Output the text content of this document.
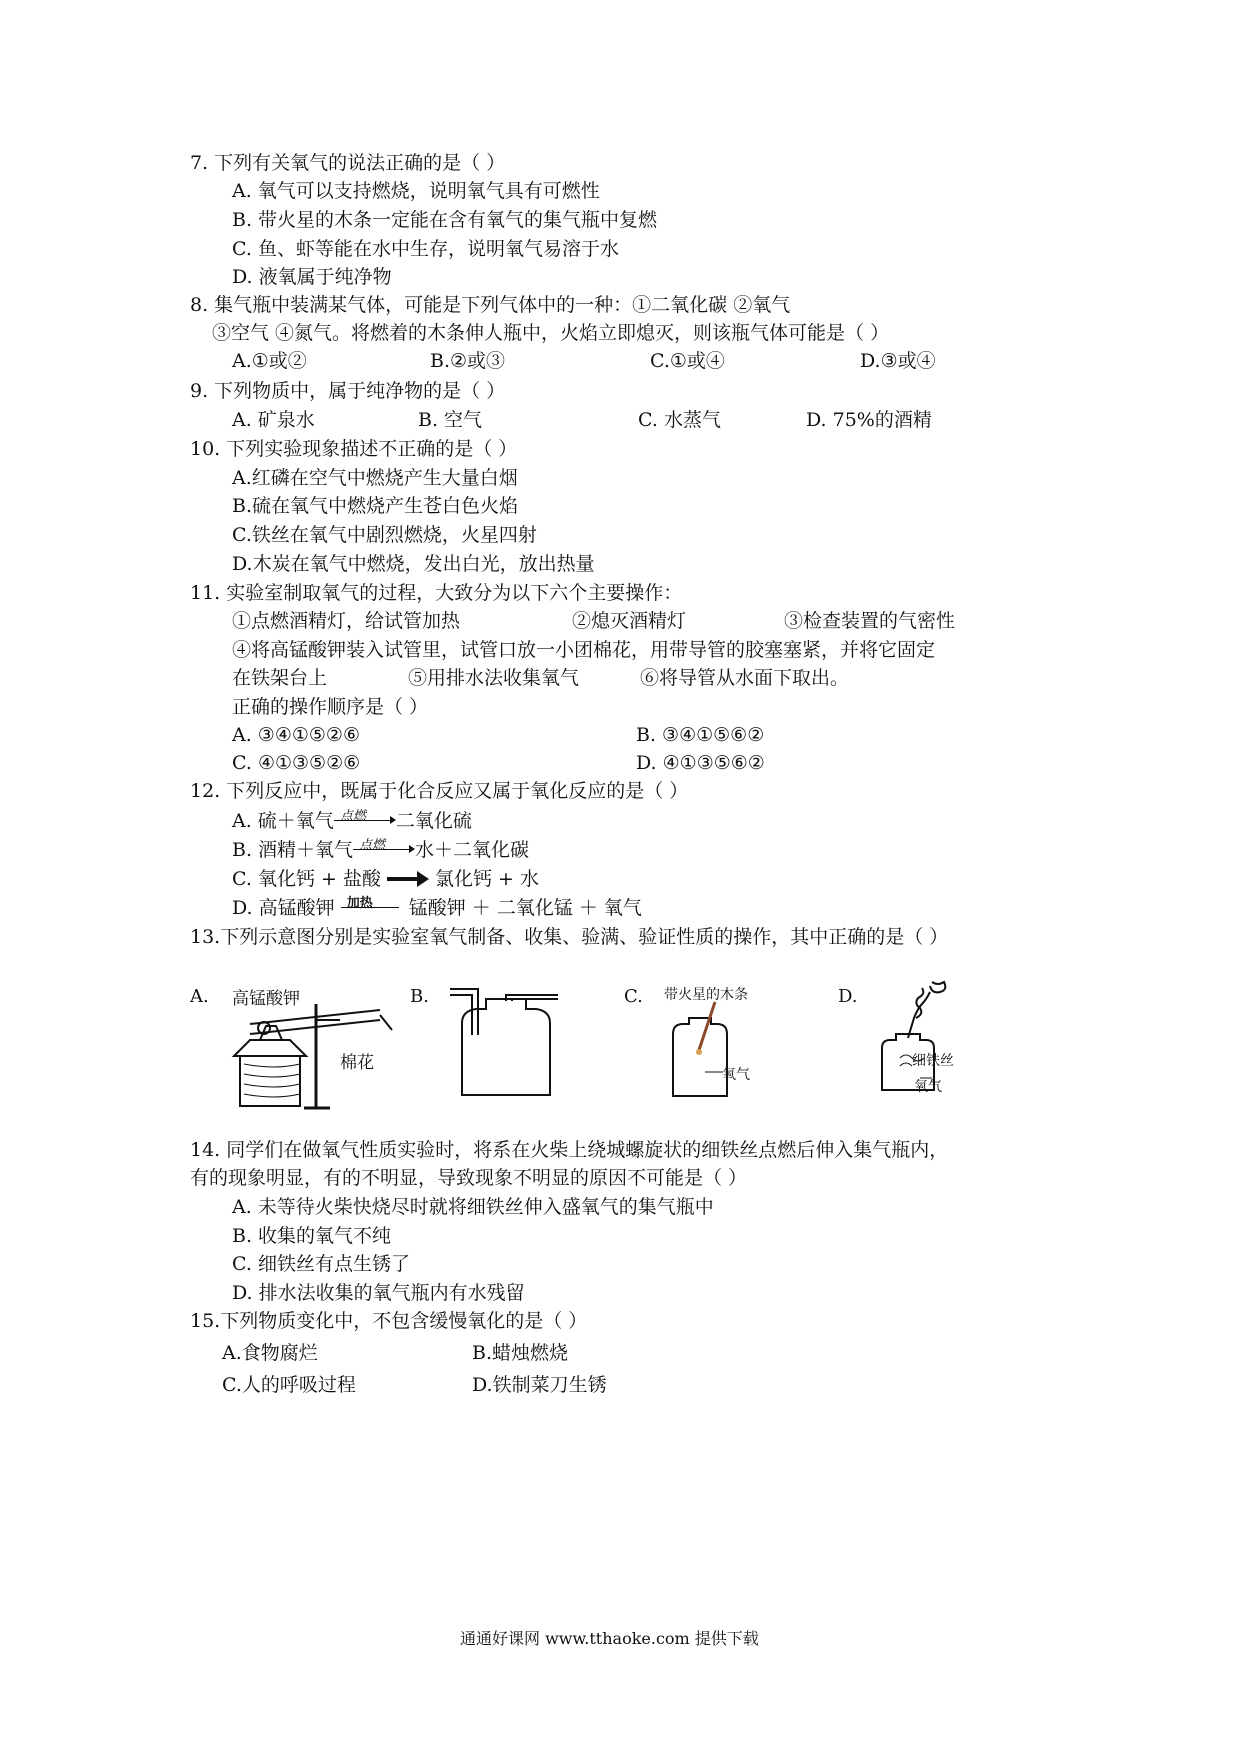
7. 下列有关氧气的说法正确的是（ ）
A. 氧气可以支持燃烧，说明氧气具有可燃性
B. 带火星的木条一定能在含有氧气的集气瓶中复燃
C. 鱼、虾等能在水中生存，说明氧气易溶于水
D. 液氧属于纯净物
8. 集气瓶中装满某气体，可能是下列气体中的一种：①二氧化碳 ②氧气
③空气 ④氮气。将燃着的木条伸人瓶中，火焰立即熄灭，则该瓶气体可能是（ ）
A.①或②	B.②或③	C.①或④	D.③或④
9. 下列物质中，属于纯净物的是（ ）
A. 矿泉水	B. 空气	C. 水蒸气	D. 75%的酒精
10. 下列实验现象描述不正确的是（ ）
A.红磷在空气中燃烧产生大量白烟
B.硫在氧气中燃烧产生苍白色火焰
C.铁丝在氧气中剧烈燃烧，火星四射
D.木炭在氧气中燃烧，发出白光，放出热量
11. 实验室制取氧气的过程，大致分为以下六个主要操作：
①点燃酒精灯，给试管加热	②熄灭酒精灯	③检查装置的气密性
④将高锰酸钾装入试管里，试管口放一小团棉花，用带导管的胶塞塞紧，并将它固定
在铁架台上	⑤用排水法收集氧气	⑥将导管从水面下取出。
正确的操作顺序是（ ）
A. ③④①⑤②⑥	B. ③④①⑤⑥②
C. ④①③⑤②⑥	D. ④①③⑤⑥②
12. 下列反应中，既属于化合反应又属于氧化反应的是（ ）
A. 硫＋氧气 点燃 二氧化硫
B. 酒精＋氧气 点燃 水＋二氧化碳
C. 氧化钙 + 盐酸	氯化钙 + 水
D. 高锰酸钾 加热 锰酸钾 ＋ 二氧化锰 ＋ 氧气
13.下列示意图分别是实验室氧气制备、收集、验满、验证性质的操作，其中正确的是（ ）
A. 高锰酸钾
棉花
B.	C. 带火星的木条
氧气
D.
细铁丝
氧气
14. 同学们在做氧气性质实验时，将系在火柴上绕城螺旋状的细铁丝点燃后伸入集气瓶内，
有的现象明显，有的不明显，导致现象不明显的原因不可能是（ ）
A. 未等待火柴快烧尽时就将细铁丝伸入盛氧气的集气瓶中
B. 收集的氧气不纯
C. 细铁丝有点生锈了
D. 排水法收集的氧气瓶内有水残留
15.下列物质变化中，不包含缓慢氧化的是（ ）
A.食物腐烂	B.蜡烛燃烧
C.人的呼吸过程	D.铁制菜刀生锈
通通好课网 www.tthaoke.com 提供下载
